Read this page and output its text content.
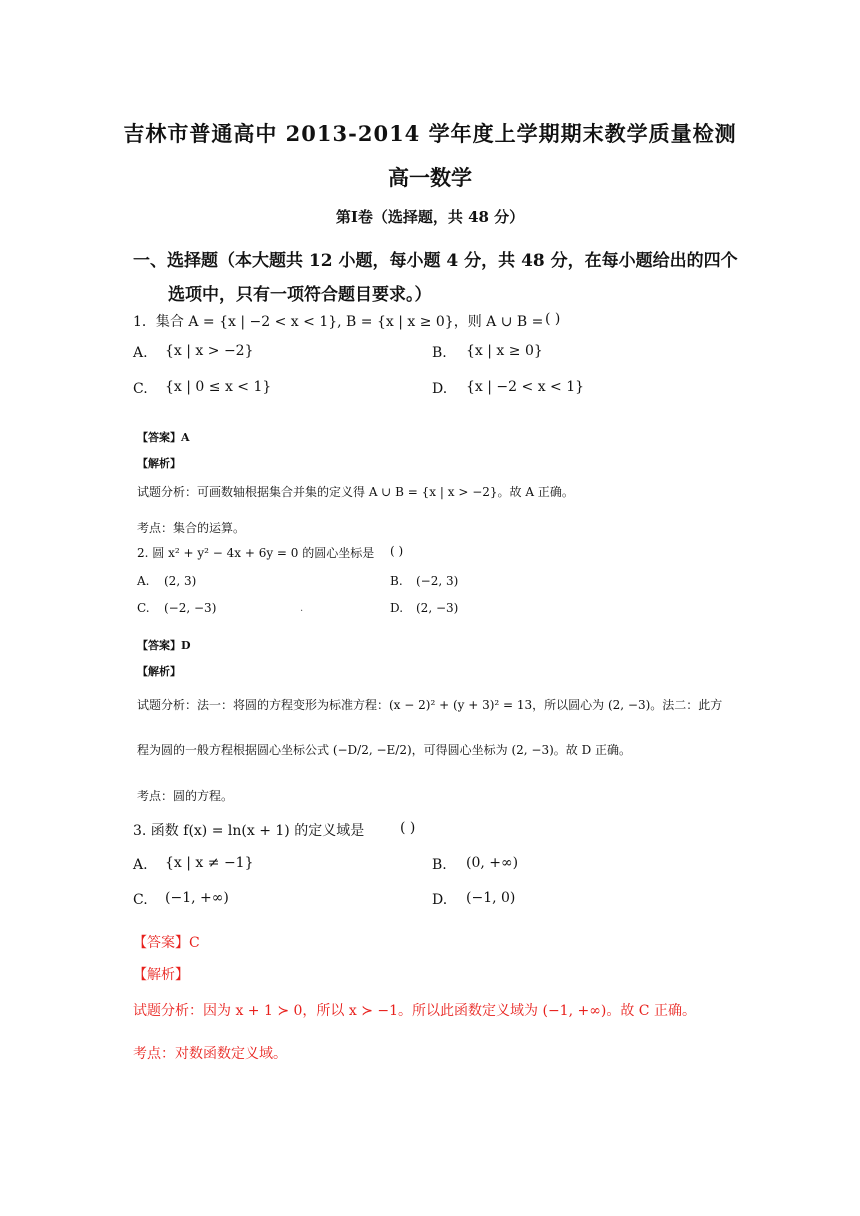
吉林市普通高中 2013-2014 学年度上学期期末教学质量检测
高一数学
第Ⅰ卷（选择题，共 48 分）
一、选择题（本大题共 12 小题，每小题 4 分，共 48 分，在每小题给出的四个
选项中，只有一项符合题目要求。）
1．集合 A = {x | −2 < x < 1}, B = {x | x ≥ 0}，则 A ∪ B = ( )
A. {x | x > −2}	B. {x | x ≥ 0}
C. {x | 0 ≤ x < 1}	D. {x | −2 < x < 1}
【答案】A
【解析】
试题分析：可画数轴根据集合并集的定义得 A ∪ B = {x | x > −2}。故 A 正确。
考点：集合的运算。
2. 圆 x² + y² − 4x + 6y = 0 的圆心坐标是 ( )
A. (2, 3)	B. (−2, 3)
C. (−2, −3)	.	D. (2, −3)
【答案】D
【解析】
试题分析：法一：将圆的方程变形为标准方程：(x − 2)² + (y + 3)² = 13，所以圆心为 (2, −3)。法二：此方
程为圆的一般方程根据圆心坐标公式 (−D/2, −E/2)，可得圆心坐标为 (2, −3)。故 D 正确。
考点：圆的方程。
3. 函数 f(x) = ln(x + 1) 的定义域是	( )
A. {x | x ≠ −1}	B. (0, +∞)
C. (−1, +∞)	D. (−1, 0)
【答案】C
【解析】
试题分析：因为 x + 1 ≻ 0，所以 x ≻ −1。所以此函数定义域为 (−1, +∞)。故 C 正确。
考点：对数函数定义域。
